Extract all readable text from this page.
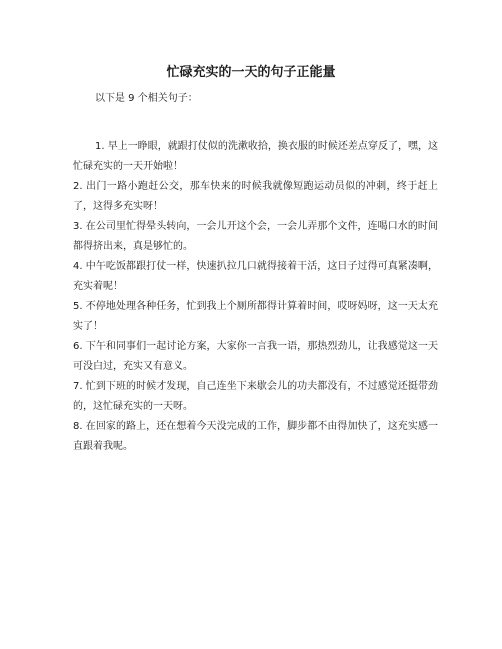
忙碌充实的一天的句子正能量
以下是 9 个相关句子：
1. 早上一睁眼，就跟打仗似的洗漱收拾，换衣服的时候还差点穿反了，嘿，这忙碌充实的一天开始啦！
2. 出门一路小跑赶公交，那车快来的时候我就像短跑运动员似的冲刺，终于赶上了，这得多充实呀！
3. 在公司里忙得晕头转向，一会儿开这个会，一会儿弄那个文件，连喝口水的时间都得挤出来，真是够忙的。
4. 中午吃饭都跟打仗一样，快速扒拉几口就得接着干活，这日子过得可真紧凑啊，充实着呢！
5. 不停地处理各种任务，忙到我上个厕所都得计算着时间，哎呀妈呀，这一天太充实了！
6. 下午和同事们一起讨论方案，大家你一言我一语，那热烈劲儿，让我感觉这一天可没白过，充实又有意义。
7. 忙到下班的时候才发现，自己连坐下来歇会儿的功夫都没有，不过感觉还挺带劲的，这忙碌充实的一天呀。
8. 在回家的路上，还在想着今天没完成的工作，脚步都不由得加快了，这充实感一直跟着我呢。
